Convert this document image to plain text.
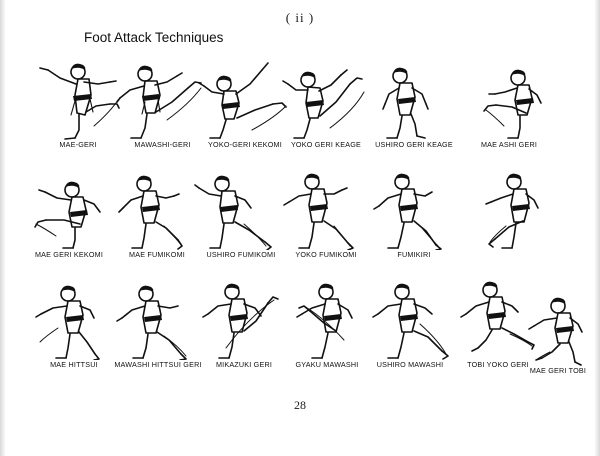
( ii )
Foot Attack Techniques
MAE-GERI	MAWASHI-GERI	YOKO-GERI KEKOMI	YOKO GERI KEAGE	USHIRO GERI KEAGE	MAE ASHI GERI
MAE GERI KEKOMI	MAE FUMIKOMI	USHIRO FUMIKOMI	YOKO FUMIKOMI	FUMIKIRI
MAE HITTSUI	MAWASHI HITTSUI GERI	MIKAZUKI GERI	GYAKU MAWASHI	USHIRO MAWASHI	TOBI YOKO GERI
MAE GERI TOBI
28
